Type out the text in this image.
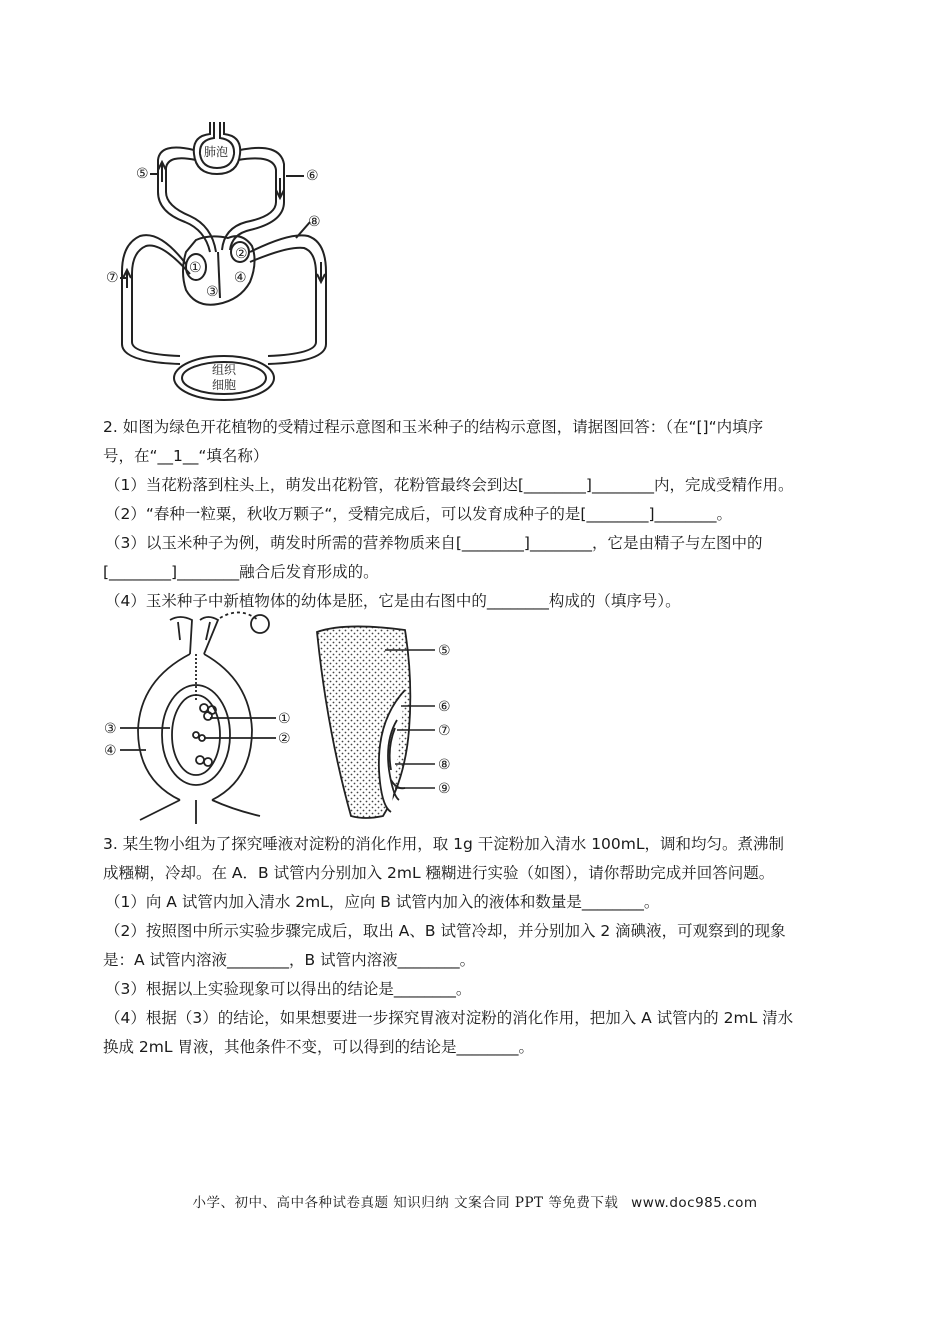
肺泡
组织
细胞
①
②
③
④
⑤	⑥
⑧
⑦
2. 如图为绿色开花植物的受精过程示意图和玉米种子的结构示意图，请据图回答：（在“[]“内填序
号，在“__1__“填名称）
（1）当花粉落到柱头上，萌发出花粉管，花粉管最终会到达[________]________内，完成受精作用。
（2）“春种一粒粟，秋收万颗子“，受精完成后，可以发育成种子的是[________]________。
（3）以玉米种子为例，萌发时所需的营养物质来自[________]________，它是由精子与左图中的
[________]________融合后发育形成的。
（4）玉米种子中新植物体的幼体是胚，它是由右图中的________构成的（填序号）。
①
②
③
④
⑤
⑥
⑦
⑧
⑨
3. 某生物小组为了探究唾液对淀粉的消化作用，取 1g 干淀粉加入清水 100mL，调和均匀。煮沸制
成糨糊，冷却。在 A．B 试管内分别加入 2mL 糨糊进行实验（如图），请你帮助完成并回答问题。
（1）向 A 试管内加入清水 2mL，应向 B 试管内加入的液体和数量是________。
（2）按照图中所示实验步骤完成后，取出 A、B 试管冷却，并分别加入 2 滴碘液，可观察到的现象
是：A 试管内溶液________，B 试管内溶液________。
（3）根据以上实验现象可以得出的结论是________。
（4）根据（3）的结论，如果想要进一步探究胃液对淀粉的消化作用，把加入 A 试管内的 2mL 清水
换成 2mL 胃液，其他条件不变，可以得到的结论是________。
小学、初中、高中各种试卷真题 知识归纳 文案合同 PPT 等免费下载 www.doc985.com
